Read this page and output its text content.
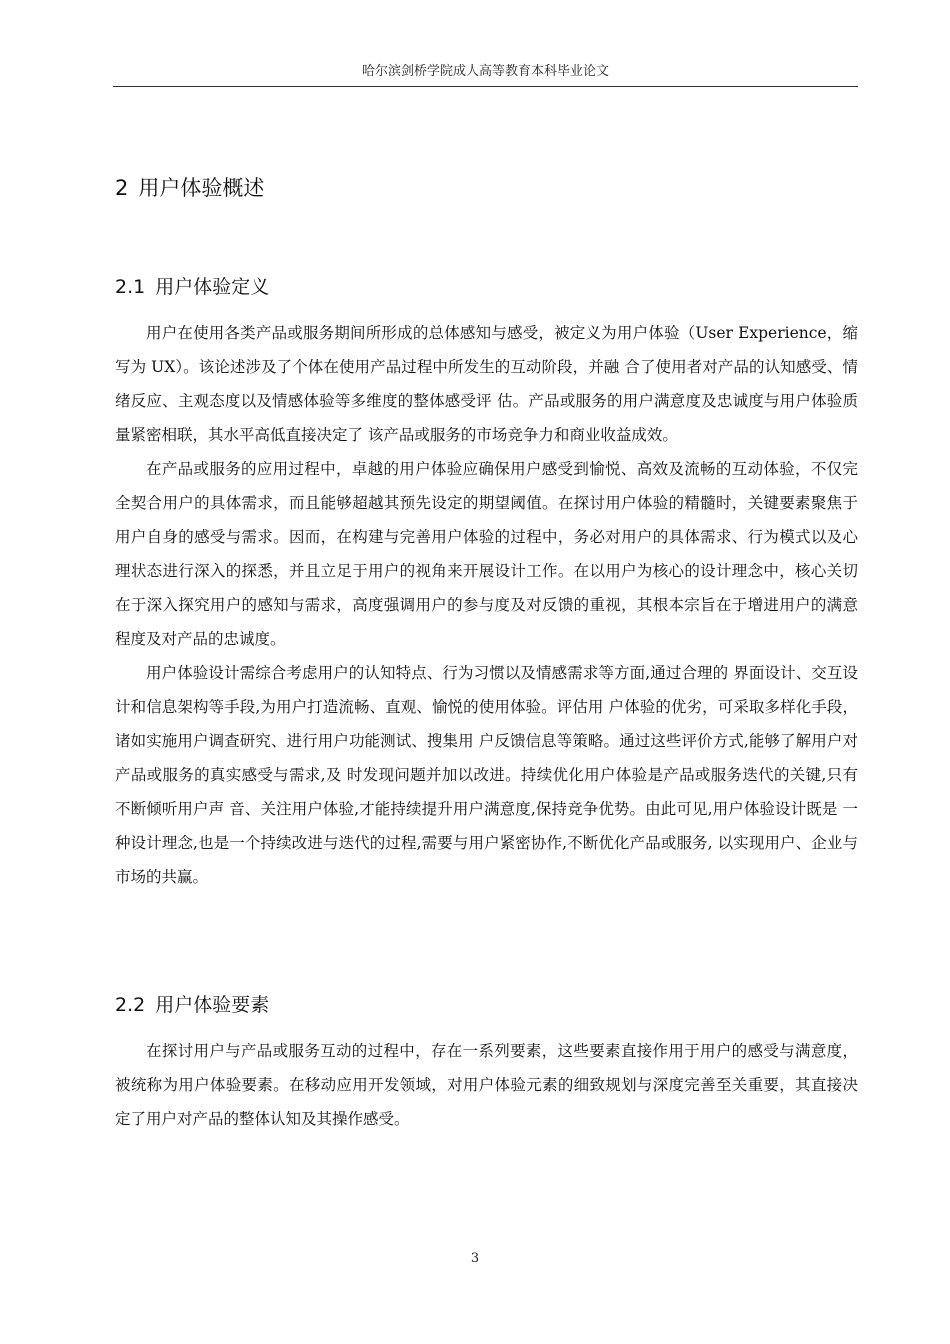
哈尔滨剑桥学院成人高等教育本科毕业论文
2 用户体验概述
2.1 用户体验定义

用户在使用各类产品或服务期间所形成的总体感知与感受，被定义为用户体验（User Experience，缩写为 UX）。该论述涉及了个体在使用产品过程中所发生的互动阶段，并融 合了使用者对产品的认知感受、情绪反应、主观态度以及情感体验等多维度的整体感受评 估。产品或服务的用户满意度及忠诚度与用户体验质量紧密相联，其水平高低直接决定了 该产品或服务的市场竞争力和商业收益成效。

在产品或服务的应用过程中，卓越的用户体验应确保用户感受到愉悦、高效及流畅的互动体验，不仅完全契合用户的具体需求，而且能够超越其预先设定的期望阈值。在探讨用户体验的精髓时，关键要素聚焦于用户自身的感受与需求。因而，在构建与完善用户体验的过程中，务必对用户的具体需求、行为模式以及心理状态进行深入的探悉，并且立足于用户的视角来开展设计工作。在以用户为核心的设计理念中，核心关切在于深入探究用户的感知与需求，高度强调用户的参与度及对反馈的重视，其根本宗旨在于增进用户的满意程度及对产品的忠诚度。

用户体验设计需综合考虑用户的认知特点、行为习惯以及情感需求等方面,通过合理的 界面设计、交互设计和信息架构等手段,为用户打造流畅、直观、愉悦的使用体验。评估用 户体验的优劣，可采取多样化手段，诸如实施用户调查研究、进行用户功能测试、搜集用 户反馈信息等策略。通过这些评价方式,能够了解用户对产品或服务的真实感受与需求,及 时发现问题并加以改进。持续优化用户体验是产品或服务迭代的关键,只有不断倾听用户声 音、关注用户体验,才能持续提升用户满意度,保持竞争优势。由此可见,用户体验设计既是 一种设计理念,也是一个持续改进与迭代的过程,需要与用户紧密协作,不断优化产品或服务, 以实现用户、企业与市场的共赢。

2.2 用户体验要素

在探讨用户与产品或服务互动的过程中，存在一系列要素，这些要素直接作用于用户的感受与满意度，被统称为用户体验要素。在移动应用开发领域，对用户体验元素的细致规划与深度完善至关重要，其直接决定了用户对产品的整体认知及其操作感受。

3
